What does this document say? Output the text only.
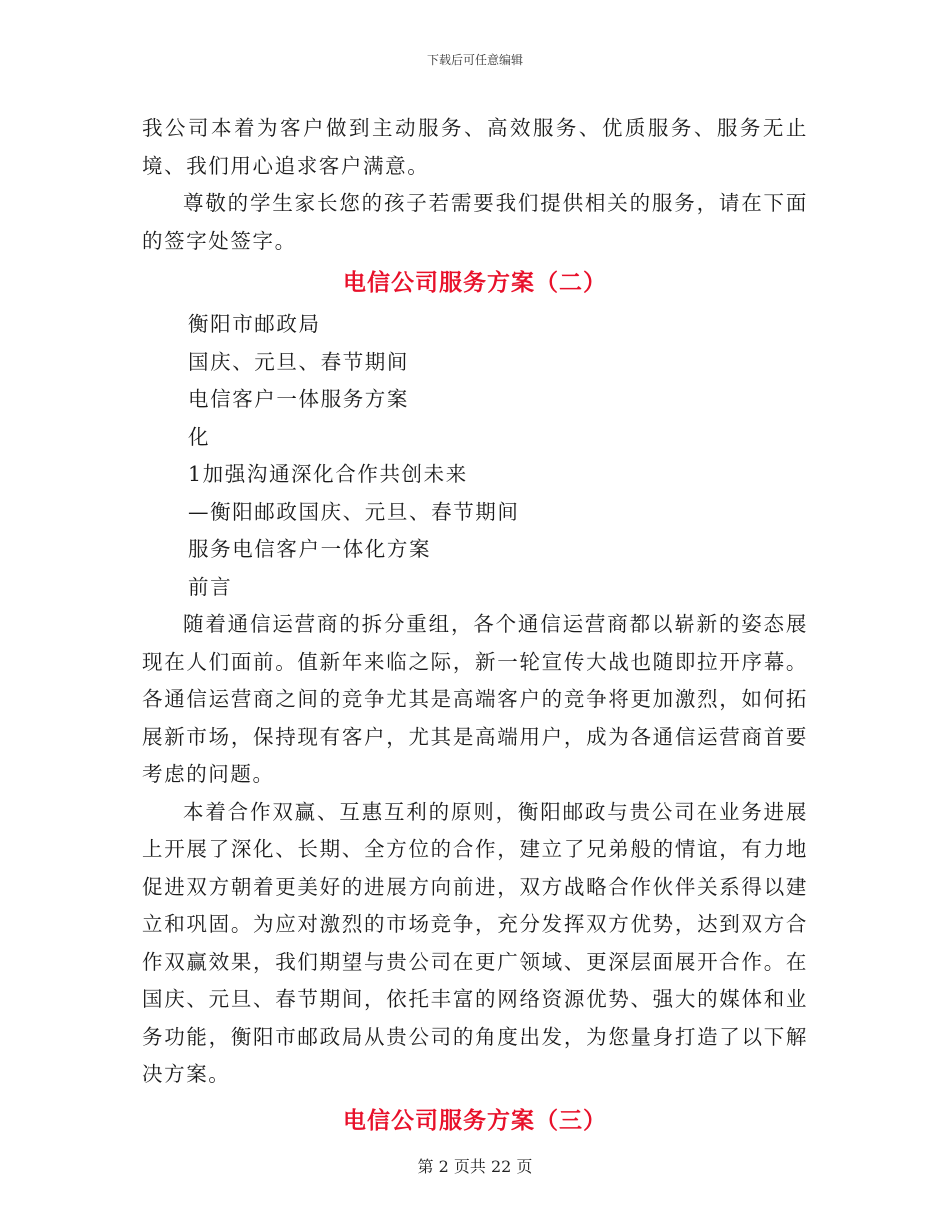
下载后可任意编辑

我公司本着为客户做到主动服务、高效服务、优质服务、服务无止境、我们用心追求客户满意。

尊敬的学生家长您的孩子若需要我们提供相关的服务，请在下面的签字处签字。

电信公司服务方案（二）

衡阳市邮政局

国庆、元旦、春节期间

电信客户一体服务方案

化

1加强沟通深化合作共创未来

—衡阳邮政国庆、元旦、春节期间

服务电信客户一体化方案

前言

随着通信运营商的拆分重组，各个通信运营商都以崭新的姿态展现在人们面前。值新年来临之际，新一轮宣传大战也随即拉开序幕。各通信运营商之间的竞争尤其是高端客户的竞争将更加激烈，如何拓展新市场，保持现有客户，尤其是高端用户，成为各通信运营商首要考虑的问题。

本着合作双赢、互惠互利的原则，衡阳邮政与贵公司在业务进展上开展了深化、长期、全方位的合作，建立了兄弟般的情谊，有力地促进双方朝着更美好的进展方向前进，双方战略合作伙伴关系得以建立和巩固。为应对激烈的市场竞争，充分发挥双方优势，达到双方合作双赢效果，我们期望与贵公司在更广领域、更深层面展开合作。在国庆、元旦、春节期间，依托丰富的网络资源优势、强大的媒体和业务功能，衡阳市邮政局从贵公司的角度出发，为您量身打造了以下解决方案。

电信公司服务方案（三）
第 2 页共 22 页
